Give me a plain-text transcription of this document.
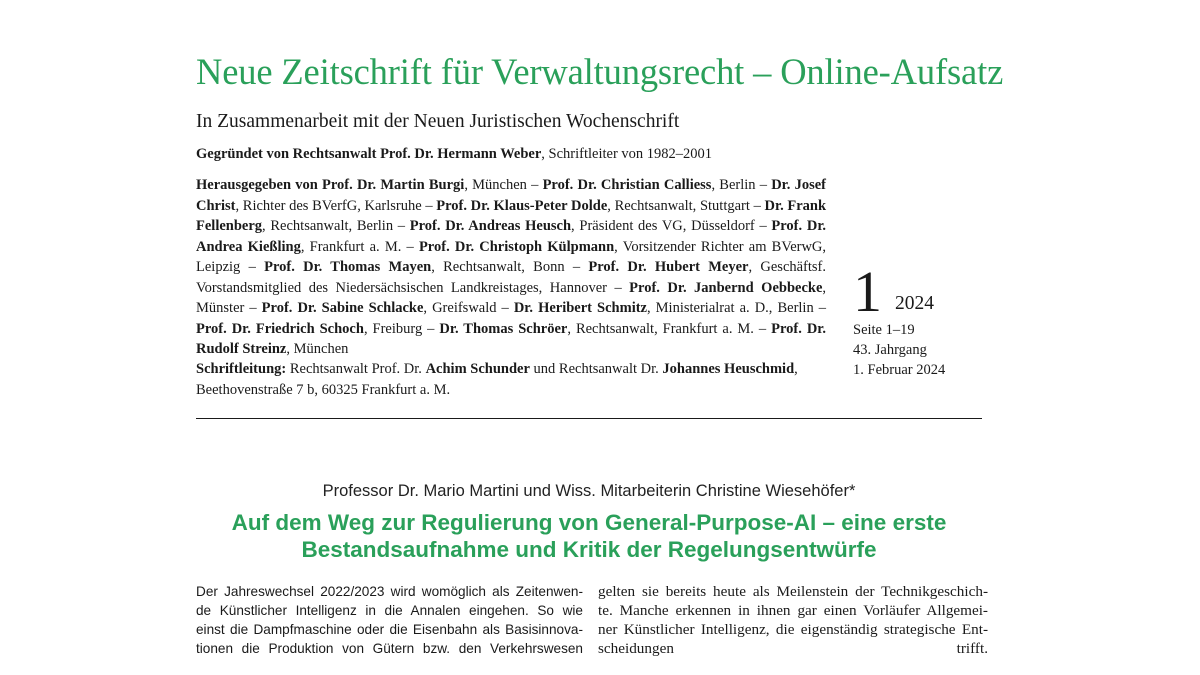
Neue Zeitschrift für Verwaltungsrecht – Online-Aufsatz
In Zusammenarbeit mit der Neuen Juristischen Wochenschrift
Gegründet von Rechtsanwalt Prof. Dr. Hermann Weber, Schriftleiter von 1982–2001
Herausgegeben von Prof. Dr. Martin Burgi, München – Prof. Dr. Christian Calliess, Berlin – Dr. Josef Christ, Richter des BVerfG, Karlsruhe – Prof. Dr. Klaus-Peter Dolde, Rechtsanwalt, Stuttgart – Dr. Frank Fellenberg, Rechtsanwalt, Berlin – Prof. Dr. Andreas Heusch, Präsident des VG, Düsseldorf – Prof. Dr. Andrea Kießling, Frankfurt a. M. – Prof. Dr. Christoph Külpmann, Vorsitzender Richter am BVerwG, Leipzig – Prof. Dr. Thomas Mayen, Rechtsanwalt, Bonn – Prof. Dr. Hubert Meyer, Geschäftsf. Vorstandsmitglied des Niedersächsischen Landkreistages, Hannover – Prof. Dr. Janbernd Oebbecke, Münster – Prof. Dr. Sabine Schlacke, Greifswald – Dr. Heribert Schmitz, Ministerialrat a. D., Berlin – Prof. Dr. Friedrich Schoch, Freiburg – Dr. Thomas Schröer, Rechtsanwalt, Frankfurt a. M. – Prof. Dr. Rudolf Streinz, München
Schriftleitung: Rechtsanwalt Prof. Dr. Achim Schunder und Rechtsanwalt Dr. Johannes Heuschmid,
Beethovenstraße 7 b, 60325 Frankfurt a. M.
1 2024
Seite 1–19
43. Jahrgang
1. Februar 2024
Professor Dr. Mario Martini und Wiss. Mitarbeiterin Christine Wiesehöfer*
Auf dem Weg zur Regulierung von General-Purpose-AI – eine erste
Bestandsaufnahme und Kritik der Regelungsentwürfe
Der Jahreswechsel 2022/2023 wird womöglich als Zeitenwen-
de Künstlicher Intelligenz in die Annalen eingehen. So wie
einst die Dampfmaschine oder die Eisenbahn als Basisinnova-
tionen die Produktion von Gütern bzw. den Verkehrswesen
gelten sie bereits heute als Meilenstein der Technikgeschich-
te. Manche erkennen in ihnen gar einen Vorläufer Allgemei-
ner Künstlicher Intelligenz, die eigenständig strategische Ent-
scheidungen trifft.
